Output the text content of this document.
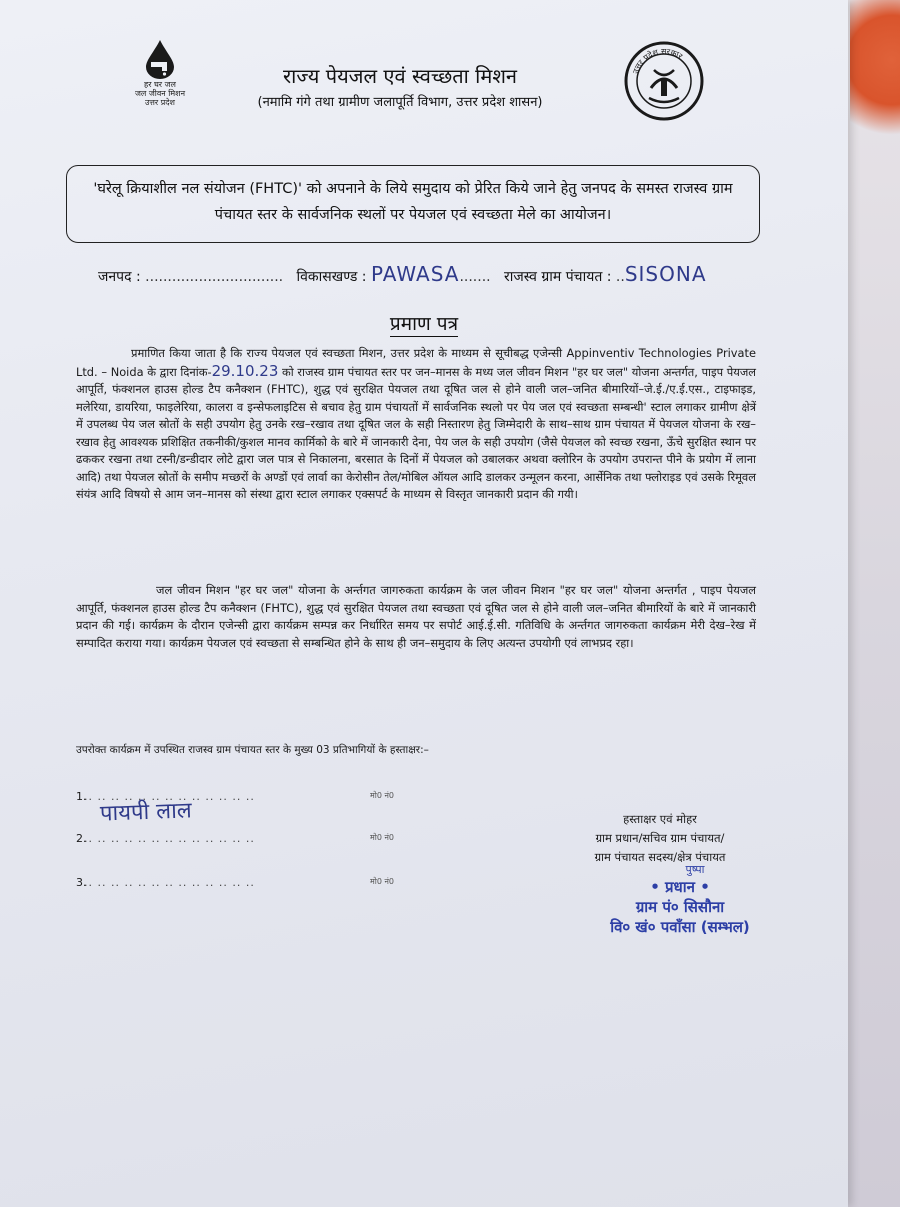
हर घर जल
जल जीवन मिशन
उत्तर प्रदेश
राज्य पेयजल एवं स्वच्छता मिशन
(नमामि गंगे तथा ग्रामीण जलापूर्ति विभाग, उत्तर प्रदेश शासन)
उत्तर प्रदेश सरकार
'घरेलू क्रियाशील नल संयोजन (FHTC)' को अपनाने के लिये समुदाय को प्रेरित किये जाने हेतु जनपद के समस्त राजस्व ग्राम पंचायत स्तर के सार्वजनिक स्थलों पर पेयजल एवं स्वच्छता मेले का आयोजन।
जनपद : ............................... विकासखण्ड : PAWASA....... राजस्व ग्राम पंचायत : ..SISONA
प्रमाण पत्र
प्रमाणित किया जाता है कि राज्य पेयजल एवं स्वच्छता मिशन, उत्तर प्रदेश के माध्यम से सूचीबद्ध एजेन्सी Appinventiv Technologies Private Ltd. – Noida के द्वारा दिनांक-29.10.23 को राजस्व ग्राम पंचायत स्तर पर जन–मानस के मध्य जल जीवन मिशन "हर घर जल" योजना अन्तर्गत, पाइप पेयजल आपूर्ति, फंक्शनल हाउस होल्ड टैप कनैक्शन (FHTC), शुद्ध एवं सुरक्षित पेयजल तथा दूषित जल से होने वाली जल–जनित बीमारियों–जे.ई./ए.ई.एस., टाइफाइड, मलेरिया, डायरिया, फाइलेरिया, कालरा व इन्सेफलाइटिस से बचाव हेतु ग्राम पंचायतों में सार्वजनिक स्थलो पर पेय जल एवं स्वच्छता सम्बन्धी' स्टाल लगाकर ग्रामीण क्षेत्रें में उपलब्ध पेय जल स्रोतों के सही उपयोग हेतु उनके रख–रखाव तथा दूषित जल के सही निस्तारण हेतु जिम्मेदारी के साथ–साथ ग्राम पंचायत में पेयजल योजना के रख–रखाव हेतु आवश्यक प्रशिक्षित तकनीकी/कुशल मानव कार्मिको के बारे में जानकारी देना, पेय जल के सही उपयोग (जैसे पेयजल को स्वच्छ रखना, ऊँचे सुरक्षित स्थान पर ढककर रखना तथा टस्नी/डन्डीदार लोटे द्वारा जल पात्र से निकालना, बरसात के दिनों में पेयजल को उबालकर अथवा क्लोरिन के उपयोग उपरान्त पीने के प्रयोग में लाना आदि) तथा पेयजल स्रोतों के समीप मच्छरों के अण्डों एवं लार्वा का केरोसीन तेल/मोबिल ऑयल आदि डालकर उन्मूलन करना, आर्सेनिक तथा फ्लोराइड एवं उसके रिमूवल संयंत्र आदि विषयो से आम जन–मानस को संस्था द्वारा स्टाल लगाकर एक्सपर्ट के माध्यम से विस्तृत जानकारी प्रदान की गयी।
जल जीवन मिशन "हर घर जल" योजना के अर्न्तगत जागरुकता कार्यक्रम के जल जीवन मिशन "हर घर जल" योजना अन्तर्गत , पाइप पेयजल आपूर्ति, फंक्शनल हाउस होल्ड टैप कनैक्शन (FHTC), शुद्ध एवं सुरक्षित पेयजल तथा स्वच्छता एवं दूषित जल से होने वाली जल–जनित बीमारियों के बारे में जानकारी प्रदान की गई। कार्यक्रम के दौरान एजेन्सी द्वारा कार्यक्रम सम्पन्न कर निर्धारित समय पर सपोर्ट आई.ई.सी. गतिविधि के अर्न्तगत जागरुकता कार्यक्रम मेरी देख–रेख में सम्पादित कराया गया। कार्यक्रम पेयजल एवं स्वच्छता से सम्बन्धित होने के साथ ही जन–समुदाय के लिए अत्यन्त उपयोगी एवं लाभप्रद रहा।
उपरोक्त कार्यक्रम में उपस्थित राजस्व ग्राम पंचायत स्तर के मुख्य 03 प्रतिभागियों के हस्ताक्षर:–
1... .. .. .. .. .. .. .. .. .. .. .. ..
पायपी लाल
मो0 नं0
2... .. .. .. .. .. .. .. .. .. .. .. ..	मो0 नं0
3... .. .. .. .. .. .. .. .. .. .. .. ..	मो0 नं0
हस्ताक्षर एवं मोहर
ग्राम प्रधान/सचिव ग्राम पंचायत/
ग्राम पंचायत सदस्य/क्षेत्र पंचायत
पुष्पा
• प्रधान •
ग्राम पं० सिसौना
वि० खं० पवाँसा (सम्भल)
